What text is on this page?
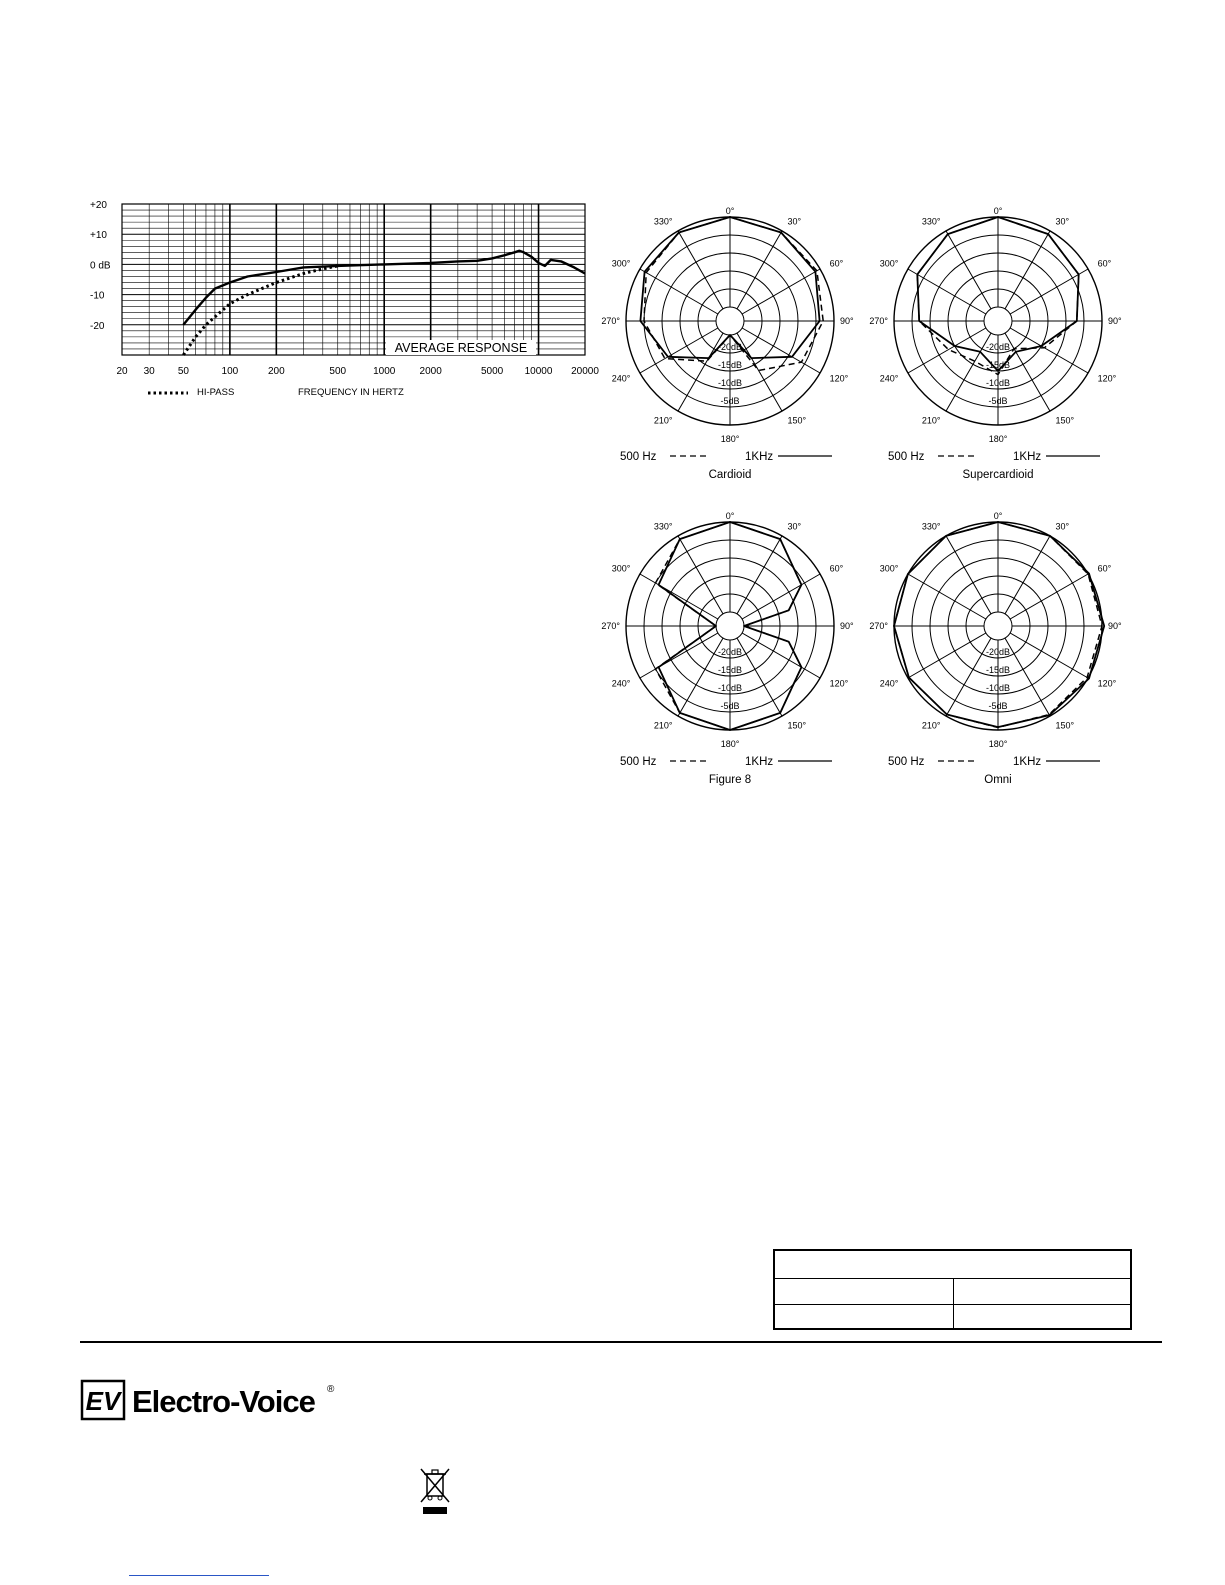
+20
+10
0 dB
-10
-20
20 30 50	100	200	500	1000 2000	5000 10000 20000
AVERAGE RESPONSE
HI-PASS	FREQUENCY IN HERTZ
0°
30°
60°
90°
120°
150°
180°
210°
240°
270°
300°
330°
-20dB
-15dB
-10dB
-5dB
500 Hz	1KHz
Cardioid
0°
30°
60°
90°
120°
150°
180°
210°
240°
270°
300°
330°
-20dB
-15dB
-10dB
-5dB
500 Hz	1KHz
Supercardioid
0°
30°
60°
90°
120°
150°
180°
210°
240°
270°
300°
330°
-20dB
-15dB
-10dB
-5dB
500 Hz	1KHz
Figure 8
0°
30°
60°
90°
120°
150°
180°
210°
240°
270°
300°
330°
-20dB
-15dB
-10dB
-5dB
500 Hz	1KHz
Omni
EV Electro-Voice ®
